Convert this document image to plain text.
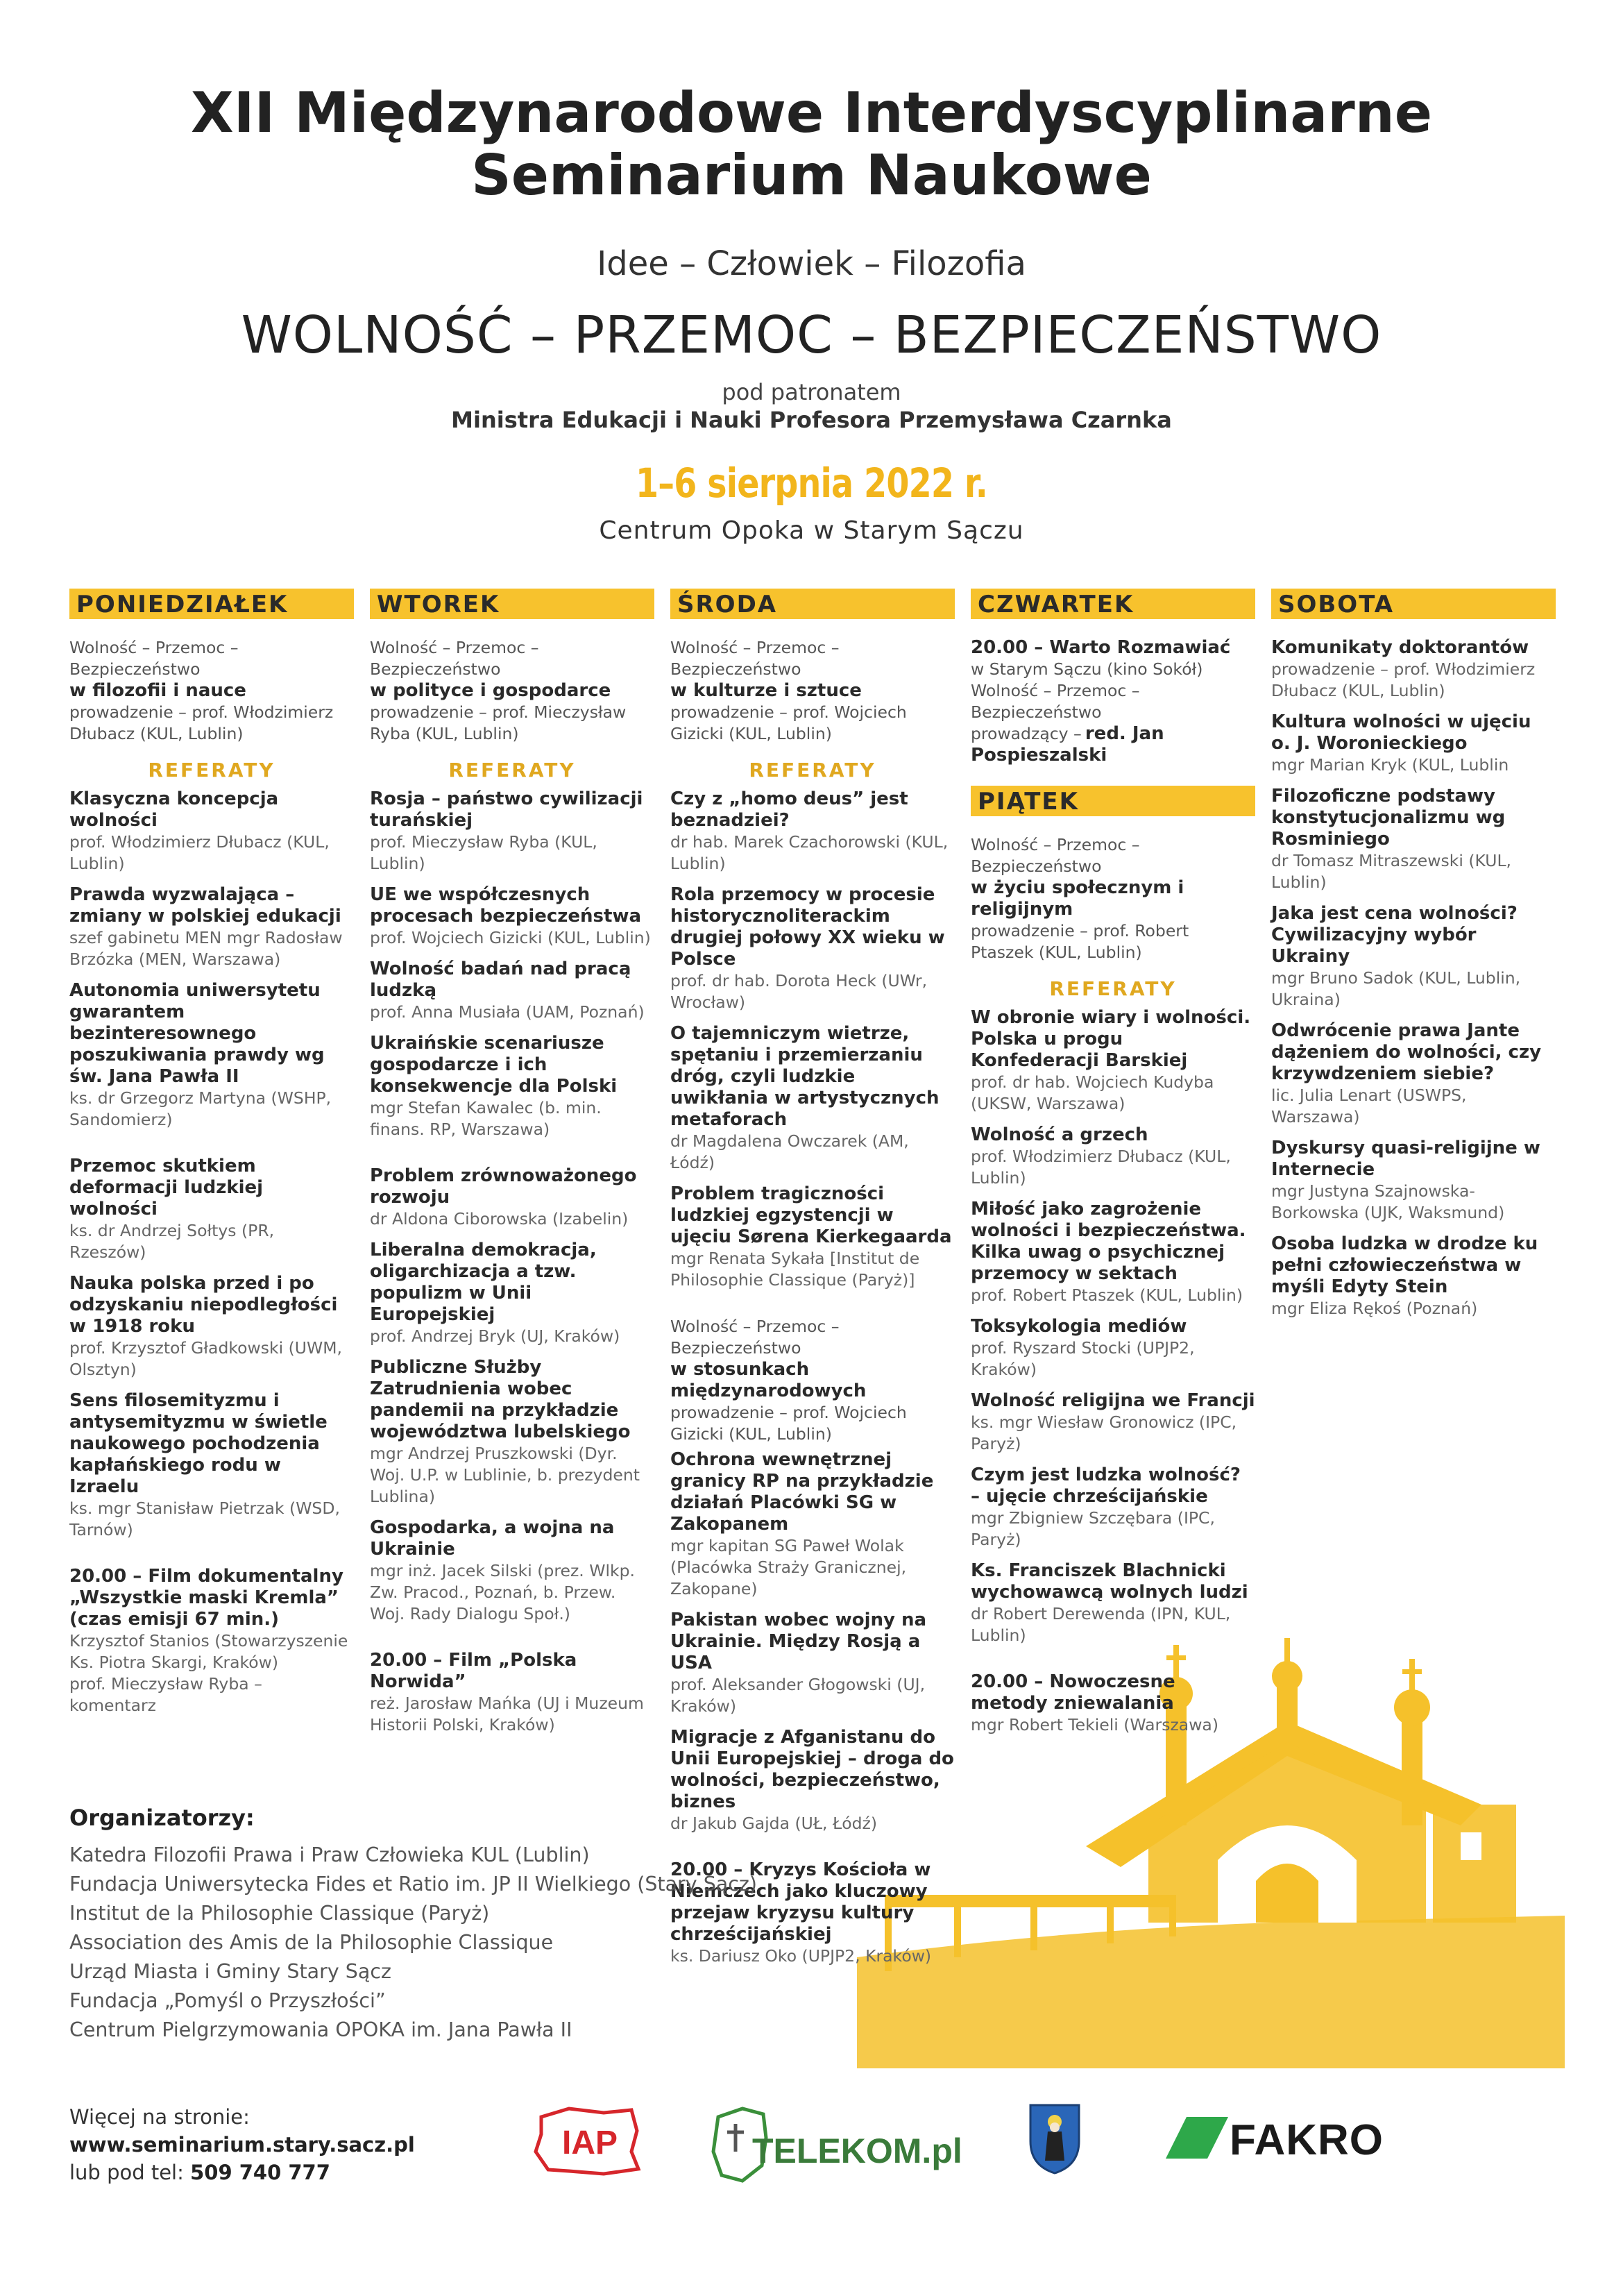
XII Międzynarodowe Interdyscyplinarne
Seminarium Naukowe
Idee – Człowiek – Filozofia
WOLNOŚĆ – PRZEMOC – BEZPIECZEŃSTWO
pod patronatem
Ministra Edukacji i Nauki Profesora Przemysława Czarnka
1–6 sierpnia 2022 r.
Centrum Opoka w Starym Sączu
PONIEDZIAŁEK
Wolność – Przemoc – Bezpieczeństwo
w filozofii i nauce
prowadzenie – prof. Włodzimierz Dłubacz (KUL, Lublin)
REFERATY
Klasyczna koncepcja wolności
prof. Włodzimierz Dłubacz (KUL, Lublin)
Prawda wyzwalająca – zmiany w polskiej edukacji
szef gabinetu MEN mgr Radosław Brzózka (MEN, Warszawa)
Autonomia uniwersytetu gwarantem bezinteresownego poszukiwania prawdy wg św. Jana Pawła II
ks. dr Grzegorz Martyna (WSHP, Sandomierz)
Przemoc skutkiem deformacji ludzkiej wolności
ks. dr Andrzej Sołtys (PR, Rzeszów)
Nauka polska przed i po odzyskaniu niepodległości w 1918 roku
prof. Krzysztof Gładkowski (UWM, Olsztyn)
Sens filosemityzmu i antysemityzmu w świetle naukowego pochodzenia kapłańskiego rodu w Izraelu
ks. mgr Stanisław Pietrzak (WSD, Tarnów)
20.00 – Film dokumentalny „Wszystkie maski Kremla” (czas emisji 67 min.)
Krzysztof Stanios (Stowarzyszenie Ks. Piotra Skargi, Kraków)
prof. Mieczysław Ryba – komentarz
WTOREK
Wolność – Przemoc – Bezpieczeństwo
w polityce i gospodarce
prowadzenie – prof. Mieczysław Ryba (KUL, Lublin)
REFERATY
Rosja – państwo cywilizacji turańskiej
prof. Mieczysław Ryba (KUL, Lublin)
UE we współczesnych procesach bezpieczeństwa
prof. Wojciech Gizicki (KUL, Lublin)
Wolność badań nad pracą ludzką
prof. Anna Musiała (UAM, Poznań)
Ukraińskie scenariusze gospodarcze i ich konsekwencje dla Polski
mgr Stefan Kawalec (b. min. finans. RP, Warszawa)
Problem zrównoważonego rozwoju
dr Aldona Ciborowska (Izabelin)
Liberalna demokracja, oligarchizacja a tzw. populizm w Unii Europejskiej
prof. Andrzej Bryk (UJ, Kraków)
Publiczne Służby Zatrudnienia wobec pandemii na przykładzie województwa lubelskiego
mgr Andrzej Pruszkowski (Dyr. Woj. U.P. w Lublinie, b. prezydent Lublina)
Gospodarka, a wojna na Ukrainie
mgr inż. Jacek Silski (prez. Wlkp. Zw. Pracod., Poznań, b. Przew. Woj. Rady Dialogu Społ.)
20.00 – Film „Polska Norwida”
reż. Jarosław Mańka (UJ i Muzeum Historii Polski, Kraków)
ŚRODA
Wolność – Przemoc – Bezpieczeństwo
w kulturze i sztuce
prowadzenie – prof. Wojciech Gizicki (KUL, Lublin)
REFERATY
Czy z „homo deus” jest beznadziei?
dr hab. Marek Czachorowski (KUL, Lublin)
Rola przemocy w procesie historycznoliterackim drugiej połowy XX wieku w Polsce
prof. dr hab. Dorota Heck (UWr, Wrocław)
O tajemniczym wietrze, spętaniu i przemierzaniu dróg, czyli ludzkie uwikłania w artystycznych metaforach
dr Magdalena Owczarek (AM, Łódź)
Problem tragiczności ludzkiej egzystencji w ujęciu Sørena Kierkegaarda
mgr Renata Sykała [Institut de Philosophie Classique (Paryż)]
Wolność – Przemoc – Bezpieczeństwo
w stosunkach międzynarodowych
prowadzenie – prof. Wojciech Gizicki (KUL, Lublin)
Ochrona wewnętrznej granicy RP na przykładzie działań Placówki SG w Zakopanem
mgr kapitan SG Paweł Wolak (Placówka Straży Granicznej, Zakopane)
Pakistan wobec wojny na Ukrainie. Między Rosją a USA
prof. Aleksander Głogowski (UJ, Kraków)
Migracje z Afganistanu do Unii Europejskiej – droga do wolności, bezpieczeństwo, biznes
dr Jakub Gajda (UŁ, Łódź)
20.00 – Kryzys Kościoła w Niemczech jako kluczowy przejaw kryzysu kultury chrześcijańskiej
ks. Dariusz Oko (UPJP2, Kraków)
CZWARTEK
20.00 – Warto Rozmawiać
w Starym Sączu (kino Sokół)
Wolność – Przemoc – Bezpieczeństwo
prowadzący – red. Jan Pospieszalski
PIĄTEK
Wolność – Przemoc – Bezpieczeństwo
w życiu społecznym i religijnym
prowadzenie – prof. Robert Ptaszek (KUL, Lublin)
REFERATY
W obronie wiary i wolności. Polska u progu Konfederacji Barskiej
prof. dr hab. Wojciech Kudyba (UKSW, Warszawa)
Wolność a grzech
prof. Włodzimierz Dłubacz (KUL, Lublin)
Miłość jako zagrożenie wolności i bezpieczeństwa. Kilka uwag o psychicznej przemocy w sektach
prof. Robert Ptaszek (KUL, Lublin)
Toksykologia mediów
prof. Ryszard Stocki (UPJP2, Kraków)
Wolność religijna we Francji
ks. mgr Wiesław Gronowicz (IPC, Paryż)
Czym jest ludzka wolność? – ujęcie chrześcijańskie
mgr Zbigniew Szczębara (IPC, Paryż)
Ks. Franciszek Blachnicki wychowawcą wolnych ludzi
dr Robert Derewenda (IPN, KUL, Lublin)
20.00 – Nowoczesne metody zniewalania
mgr Robert Tekieli (Warszawa)
SOBOTA
Komunikaty doktorantów
prowadzenie – prof. Włodzimierz Dłubacz (KUL, Lublin)
Kultura wolności w ujęciu o. J. Woronieckiego
mgr Marian Kryk (KUL, Lublin
Filozoficzne podstawy konstytucjonalizmu wg Rosminiego
dr Tomasz Mitraszewski (KUL, Lublin)
Jaka jest cena wolności? Cywilizacyjny wybór Ukrainy
mgr Bruno Sadok (KUL, Lublin, Ukraina)
Odwrócenie prawa Jante dążeniem do wolności, czy krzywdzeniem siebie?
lic. Julia Lenart (USWPS, Warszawa)
Dyskursy quasi-religijne w Internecie
mgr Justyna Szajnowska-Borkowska (UJK, Waksmund)
Osoba ludzka w drodze ku pełni człowieczeństwa w myśli Edyty Stein
mgr Eliza Rękoś (Poznań)
Organizatorzy:
Katedra Filozofii Prawa i Praw Człowieka KUL (Lublin)
Fundacja Uniwersytecka Fides et Ratio im. JP II Wielkiego (Stary Sącz)
Institut de la Philosophie Classique (Paryż)
Association des Amis de la Philosophie Classique
Urząd Miasta i Gminy Stary Sącz
Fundacja „Pomyśl o Przyszłości”
Centrum Pielgrzymowania OPOKA im. Jana Pawła II
Więcej na stronie:
www.seminarium.stary.sacz.pl
lub pod tel: 509 740 777
IAP	TELEKOM.pl	FAKRO
